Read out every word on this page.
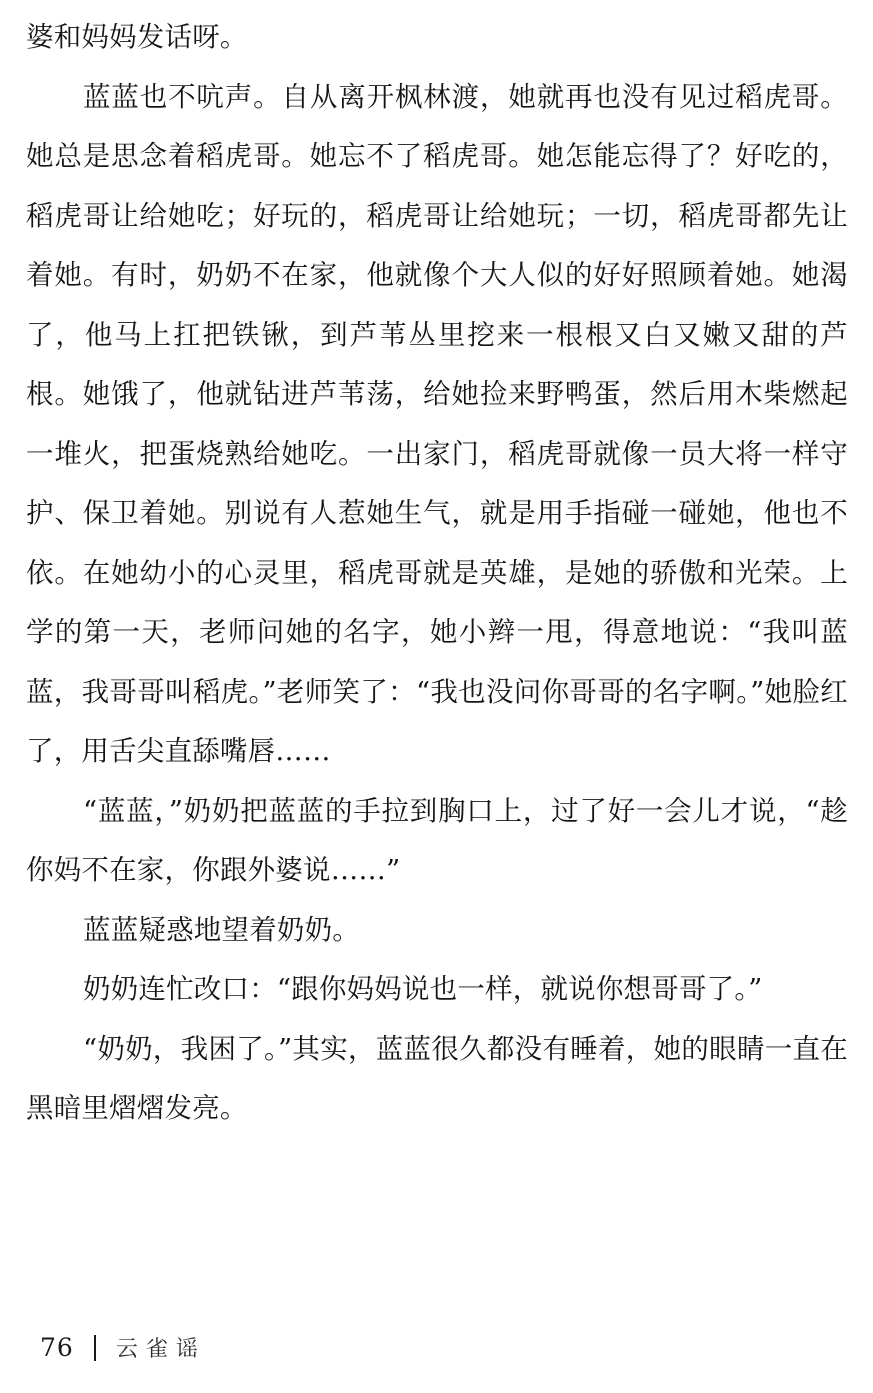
婆和妈妈发话呀。

蓝蓝也不吭声。自从离开枫林渡，她就再也没有见过稻虎哥。她总是思念着稻虎哥。她忘不了稻虎哥。她怎能忘得了？好吃的，稻虎哥让给她吃；好玩的，稻虎哥让给她玩；一切，稻虎哥都先让着她。有时，奶奶不在家，他就像个大人似的好好照顾着她。她渴了，他马上扛把铁锹，到芦苇丛里挖来一根根又白又嫩又甜的芦根。她饿了，他就钻进芦苇荡，给她捡来野鸭蛋，然后用木柴燃起一堆火，把蛋烧熟给她吃。一出家门，稻虎哥就像一员大将一样守护、保卫着她。别说有人惹她生气，就是用手指碰一碰她，他也不依。在她幼小的心灵里，稻虎哥就是英雄，是她的骄傲和光荣。上学的第一天，老师问她的名字，她小辫一甩，得意地说：“我叫蓝蓝，我哥哥叫稻虎。”老师笑了：“我也没问你哥哥的名字啊。”她脸红了，用舌尖直舔嘴唇……

“蓝蓝，”奶奶把蓝蓝的手拉到胸口上，过了好一会儿才说，“趁你妈不在家，你跟外婆说……”

蓝蓝疑惑地望着奶奶。

奶奶连忙改口：“跟你妈妈说也一样，就说你想哥哥了。”

“奶奶，我困了。”其实，蓝蓝很久都没有睡着，她的眼睛一直在黑暗里熠熠发亮。

76 云雀谣
